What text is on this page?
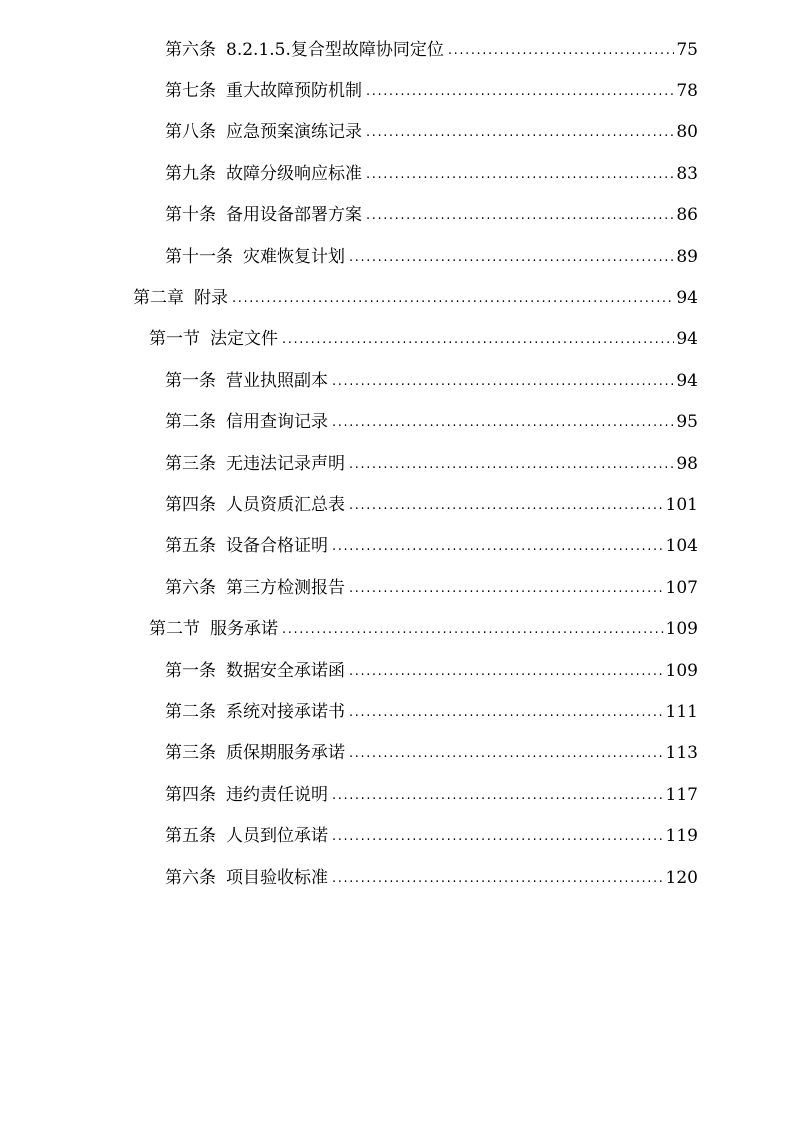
第六条 8.2.1.5.复合型故障协同定位 .....	75
第七条 重大故障预防机制 .....	78
第八条 应急预案演练记录 .....	80
第九条 故障分级响应标准 .....	83
第十条 备用设备部署方案 .....	86
第十一条 灾难恢复计划 .....	89
第二章 附录 .....	94
第一节 法定文件 .....	94
第一条 营业执照副本 .....	94
第二条 信用查询记录 .....	95
第三条 无违法记录声明 .....	98
第四条 人员资质汇总表 .....	101
第五条 设备合格证明 .....	104
第六条 第三方检测报告 .....	107
第二节 服务承诺 .....	109
第一条 数据安全承诺函 .....	109
第二条 系统对接承诺书 .....	111
第三条 质保期服务承诺 .....	113
第四条 违约责任说明 .....	117
第五条 人员到位承诺 .....	119
第六条 项目验收标准 .....	120
